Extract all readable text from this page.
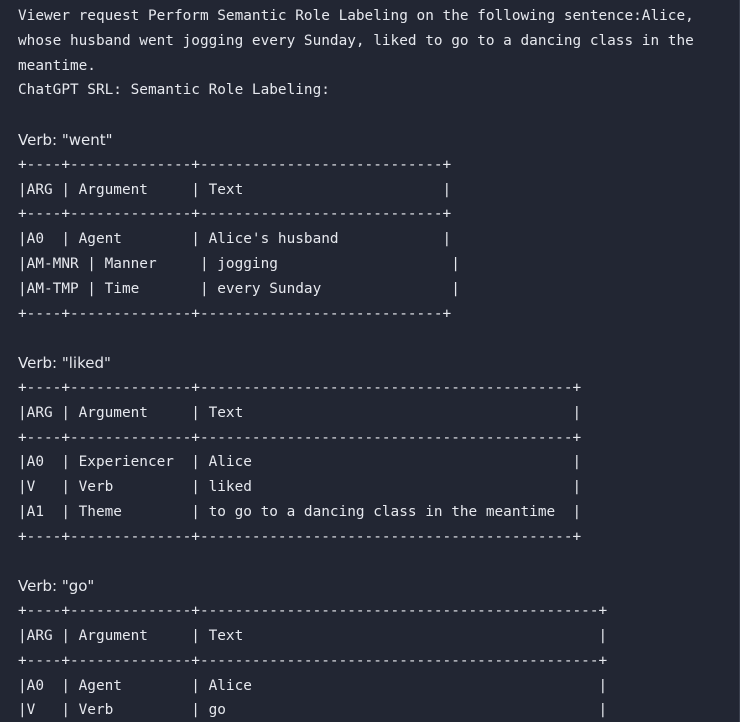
Viewer request Perform Semantic Role Labeling on the following sentence:Alice, whose husband went jogging every Sunday, liked to go to a dancing class in the meantime.
ChatGPT SRL: Semantic Role Labeling:
Verb: "went"
+----+--------------+----------------------------+
|ARG | Argument     | Text                       |
+----+--------------+----------------------------+
|A0  | Agent        | Alice's husband            |
|AM-MNR | Manner     | jogging                    |
|AM-TMP | Time       | every Sunday               |
+----+--------------+----------------------------+
Verb: "liked"
+----+--------------+-------------------------------------------+
|ARG | Argument     | Text                                      |
+----+--------------+-------------------------------------------+
|A0  | Experiencer  | Alice                                     |
|V   | Verb         | liked                                     |
|A1  | Theme        | to go to a dancing class in the meantime  |
+----+--------------+-------------------------------------------+
Verb: "go"
+----+--------------+----------------------------------------------+
|ARG | Argument     | Text                                         |
+----+--------------+----------------------------------------------+
|A0  | Agent        | Alice                                        |
|V   | Verb         | go                                           |
